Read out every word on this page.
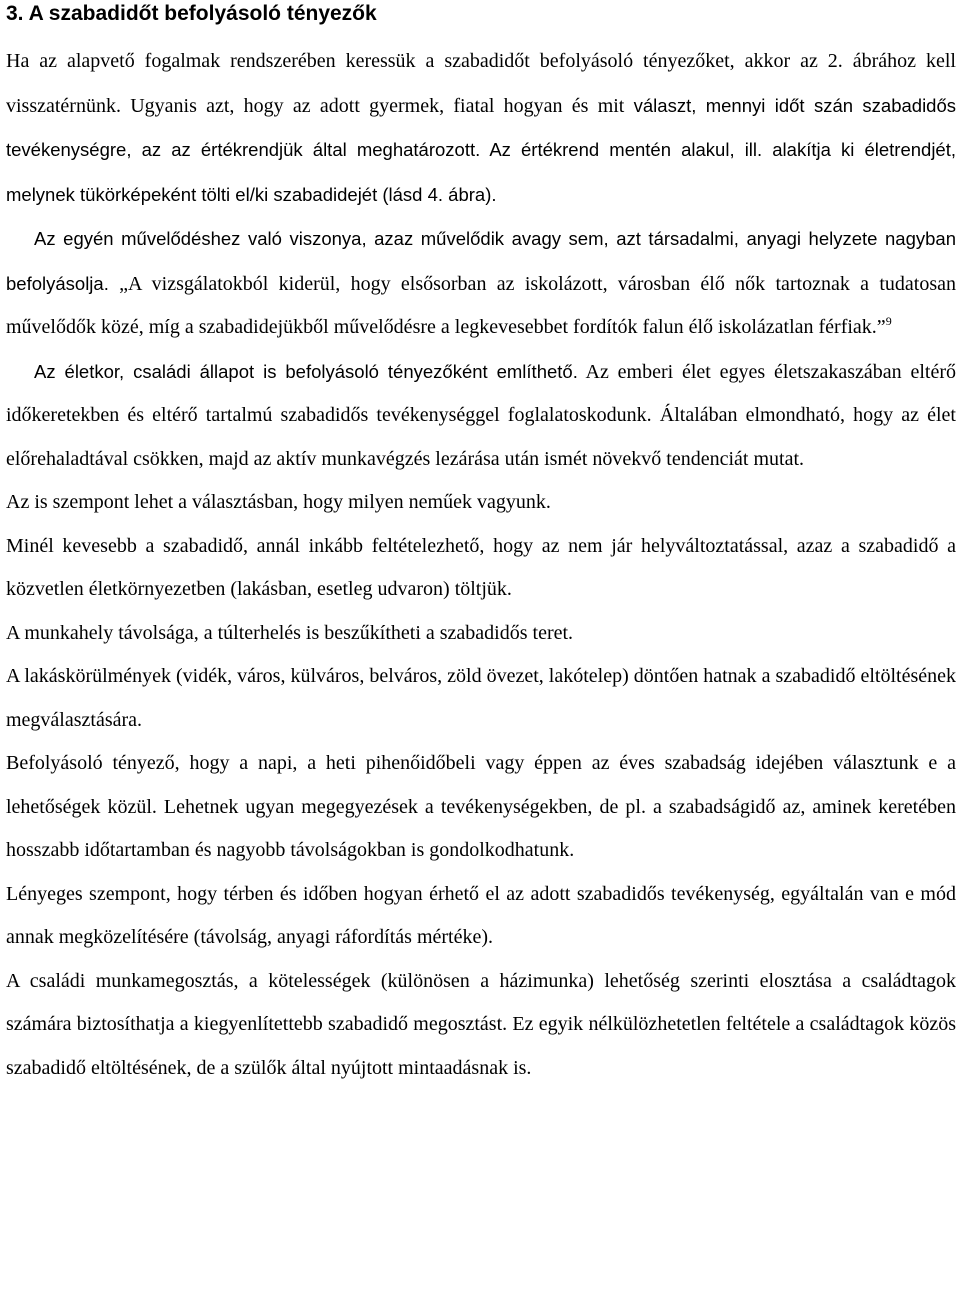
3. A szabadidőt befolyásoló tényezők

Ha az alapvető fogalmak rendszerében keressük a szabadidőt befolyásoló tényezőket, akkor az 2. ábrához kell visszatérnünk. Ugyanis azt, hogy az adott gyermek, fiatal hogyan és mit választ, mennyi időt szán szabadidős tevékenységre, az az értékrendjük által meghatározott. Az értékrend mentén alakul, ill. alakítja ki életrendjét, melynek tükörképeként tölti el/ki szabadidejét (lásd 4. ábra).

Az egyén művelődéshez való viszonya, azaz művelődik avagy sem, azt társadalmi, anyagi helyzete nagyban befolyásolja. „A vizsgálatokból kiderül, hogy elsősorban az iskolázott, városban élő nők tartoznak a tudatosan művelődők közé, míg a szabadidejükből művelődésre a legkevesebbet fordítók falun élő iskolázatlan férfiak.”$^9$

Az életkor, családi állapot is befolyásoló tényezőként említhető. Az emberi élet egyes életszakaszában eltérő időkeretekben és eltérő tartalmú szabadidős tevékenységgel foglalatoskodunk. Általában elmondható, hogy az élet előrehaladtával csökken, majd az aktív munkavégzés lezárása után ismét növekvő tendenciát mutat.

Az is szempont lehet a választásban, hogy milyen neműek vagyunk.

Minél kevesebb a szabadidő, annál inkább feltételezhető, hogy az nem jár helyváltoztatással, azaz a szabadidő a közvetlen életkörnyezetben (lakásban, esetleg udvaron) töltjük.

A munkahely távolsága, a túlterhelés is beszűkítheti a szabadidős teret.

A lakáskörülmények (vidék, város, külváros, belváros, zöld övezet, lakótelep) döntően hatnak a szabadidő eltöltésének megválasztására.

Befolyásoló tényező, hogy a napi, a heti pihenőidőbeli vagy éppen az éves szabadság idejében választunk e a lehetőségek közül. Lehetnek ugyan megegyezések a tevékenységekben, de pl. a szabadságidő az, aminek keretében hosszabb időtartamban és nagyobb távolságokban is gondolkodhatunk.

Lényeges szempont, hogy térben és időben hogyan érhető el az adott szabadidős tevékenység, egyáltalán van e mód annak megközelítésére (távolság, anyagi ráfordítás mértéke).

A családi munkamegosztás, a kötelességek (különösen a házimunka) lehetőség szerinti elosztása a családtagok számára biztosíthatja a kiegyenlítettebb szabadidő megosztást. Ez egyik nélkülözhetetlen feltétele a családtagok közös szabadidő eltöltésének, de a szülők által nyújtott mintaadásnak is.
